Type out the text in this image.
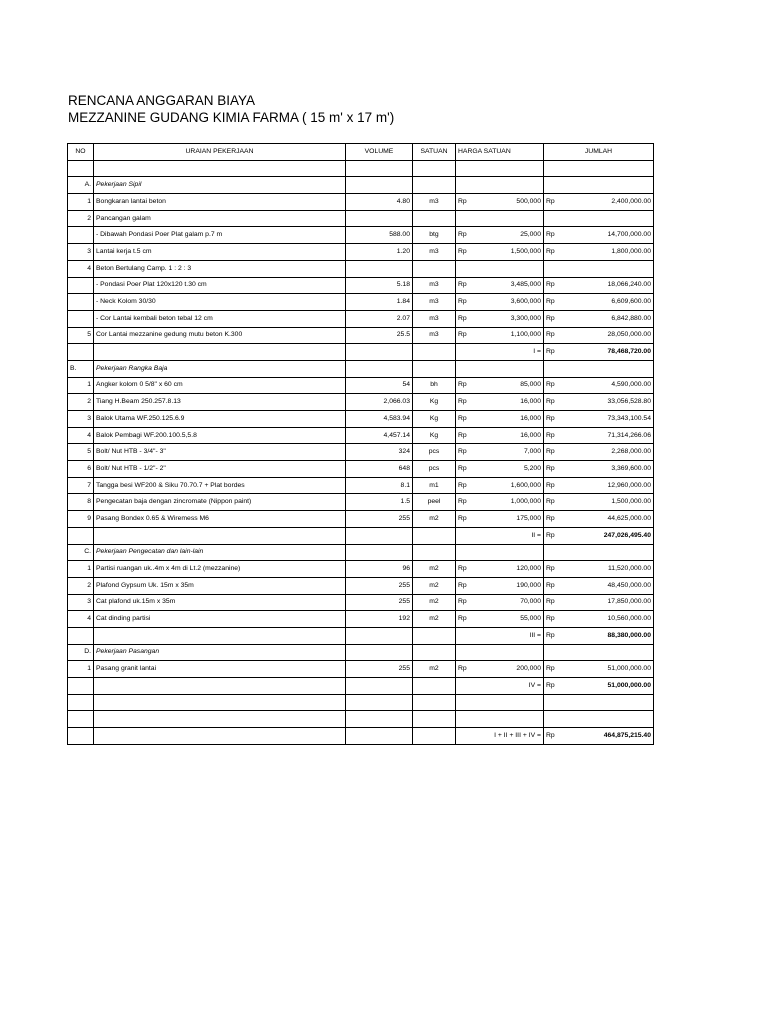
RENCANA ANGGARAN BIAYA
MEZZANINE GUDANG KIMIA FARMA ( 15 m' x 17 m')
NO	URAIAN PEKERJAAN	VOLUME	SATUAN	HARGA SATUAN		JUMLAH	

A.	Pekerjaan Sipil						
1	Bongkaran lantai beton	4.80	m3	Rp	500,000	Rp	2,400,000.00
2	Pancangan galam						
	- Dibawah Pondasi Poer Plat galam p.7 m	588.00	btg	Rp	25,000	Rp	14,700,000.00
3	Lantai kerja t.5 cm	1.20	m3	Rp	1,500,000	Rp	1,800,000.00
4	Beton Bertulang Camp. 1 : 2 : 3						
	- Pondasi Poer Plat 120x120 t.30 cm	5.18	m3	Rp	3,485,000	Rp	18,066,240.00
	- Neck Kolom 30/30	1.84	m3	Rp	3,600,000	Rp	6,609,600.00
	- Cor Lantai kembali beton tebal 12 cm	2.07	m3	Rp	3,300,000	Rp	6,842,880.00
5	Cor Lantai mezzanine gedung mutu beton K.300	25.5	m3	Rp	1,100,000	Rp	28,050,000.00
				I =		Rp	78,468,720.00
B.	Pekerjaan Rangka Baja						
1	Angker kolom 0 5/8" x 60 cm	54	bh	Rp	85,000	Rp	4,590,000.00
2	Tiang H.Beam 250.257.8.13	2,066.03	Kg	Rp	16,000	Rp	33,056,528.80
3	Balok Utama WF.250.125.6.9	4,583.94	Kg	Rp	16,000	Rp	73,343,100.54
4	Balok Pembagi WF.200.100.5,5.8	4,457.14	Kg	Rp	16,000	Rp	71,314,266.06
5	Bolt/ Nut HTB - 3/4"- 3"	324	pcs	Rp	7,000	Rp	2,268,000.00
6	Bolt/ Nut HTB - 1/2"- 2"	648	pcs	Rp	5,200	Rp	3,369,600.00
7	Tangga besi WF200 & Siku 70.70.7 + Plat bordes	8.1	m1	Rp	1,600,000	Rp	12,960,000.00
8	Pengecatan baja dengan zincromate (Nippon paint)	1.5	peel	Rp	1,000,000	Rp	1,500,000.00
9	Pasang Bondex 0.65 & Wiremess M6	255	m2	Rp	175,000	Rp	44,625,000.00
				II =		Rp	247,026,495.40
C.	Pekerjaan Pengecatan dan lain-lain						
1	Partisi ruangan uk..4m x 4m di Lt.2 (mezzanine)	96	m2	Rp	120,000	Rp	11,520,000.00
2	Plafond Gypsum Uk. 15m x 35m	255	m2	Rp	190,000	Rp	48,450,000.00
3	Cat plafond uk.15m x 35m	255	m2	Rp	70,000	Rp	17,850,000.00
4	Cat dinding partisi	192	m2	Rp	55,000	Rp	10,560,000.00
				III =		Rp	88,380,000.00
D.	Pekerjaan Pasangan						
1	Pasang granit lantai	255	m2	Rp	200,000	Rp	51,000,000.00
				IV =		Rp	51,000,000.00

				I + II + III + IV =		Rp	464,875,215.40
